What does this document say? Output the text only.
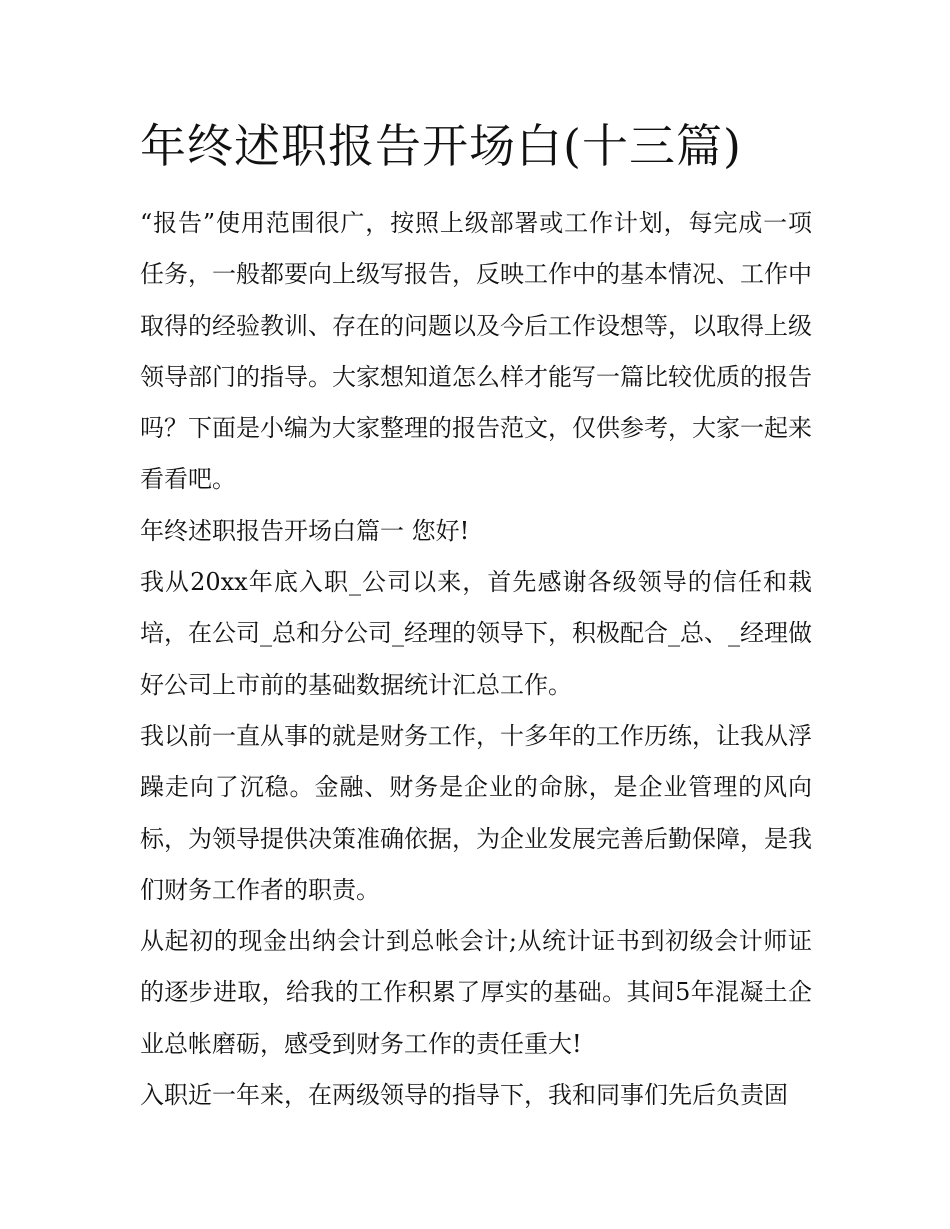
年终述职报告开场白(十三篇)

“报告”使用范围很广，按照上级部署或工作计划，每完成一项任务，一般都要向上级写报告，反映工作中的基本情况、工作中取得的经验教训、存在的问题以及今后工作设想等，以取得上级领导部门的指导。大家想知道怎么样才能写一篇比较优质的报告吗？下面是小编为大家整理的报告范文，仅供参考，大家一起来看看吧。

年终述职报告开场白篇一 您好!

我从20xx年底入职_公司以来，首先感谢各级领导的信任和栽培，在公司_总和分公司_经理的领导下，积极配合_总、_经理做好公司上市前的基础数据统计汇总工作。

我以前一直从事的就是财务工作，十多年的工作历练，让我从浮躁走向了沉稳。金融、财务是企业的命脉，是企业管理的风向标，为领导提供决策准确依据，为企业发展完善后勤保障，是我们财务工作者的职责。

从起初的现金出纳会计到总帐会计;从统计证书到初级会计师证的逐步进取，给我的工作积累了厚实的基础。其间5年混凝土企业总帐磨砺，感受到财务工作的责任重大!

入职近一年来，在两级领导的指导下，我和同事们先后负责固
